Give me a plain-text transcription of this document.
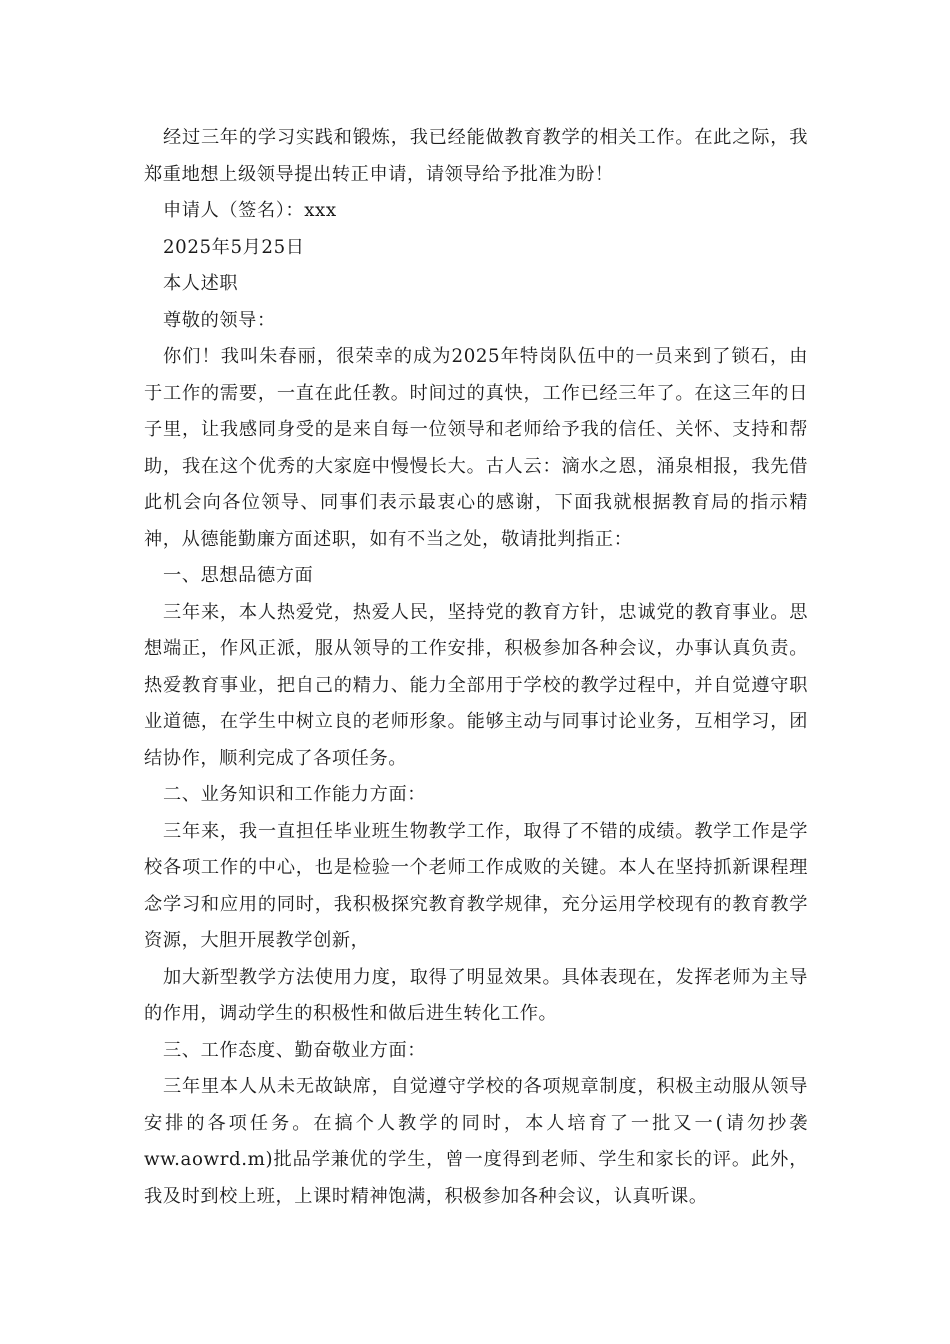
经过三年的学习实践和锻炼，我已经能做教育教学的相关工作。在此之际，我郑重地想上级领导提出转正申请，请领导给予批准为盼！

申请人（签名）：xxx

2025年5月25日

本人述职

尊敬的领导：

你们！我叫朱春丽，很荣幸的成为2025年特岗队伍中的一员来到了锁石，由于工作的需要，一直在此任教。时间过的真快，工作已经三年了。在这三年的日子里，让我感同身受的是来自每一位领导和老师给予我的信任、关怀、支持和帮助，我在这个优秀的大家庭中慢慢长大。古人云：滴水之恩，涌泉相报，我先借此机会向各位领导、同事们表示最衷心的感谢，下面我就根据教育局的指示精神，从德能勤廉方面述职，如有不当之处，敬请批判指正：

一、思想品德方面

三年来，本人热爱党，热爱人民，坚持党的教育方针，忠诚党的教育事业。思想端正，作风正派，服从领导的工作安排，积极参加各种会议，办事认真负责。热爱教育事业，把自己的精力、能力全部用于学校的教学过程中，并自觉遵守职业道德，在学生中树立良的老师形象。能够主动与同事讨论业务，互相学习，团结协作，顺利完成了各项任务。

二、业务知识和工作能力方面：

三年来，我一直担任毕业班生物教学工作，取得了不错的成绩。教学工作是学校各项工作的中心，也是检验一个老师工作成败的关键。本人在坚持抓新课程理念学习和应用的同时，我积极探究教育教学规律，充分运用学校现有的教育教学资源，大胆开展教学创新，

加大新型教学方法使用力度，取得了明显效果。具体表现在，发挥老师为主导的作用，调动学生的积极性和做后进生转化工作。

三、工作态度、勤奋敬业方面：

三年里本人从未无故缺席，自觉遵守学校的各项规章制度，积极主动服从领导安排的各项任务。在搞个人教学的同时，本人培育了一批又一(请勿抄袭ww.aowrd.m)批品学兼优的学生，曾一度得到老师、学生和家长的评。此外，我及时到校上班，上课时精神饱满，积极参加各种会议，认真听课。
